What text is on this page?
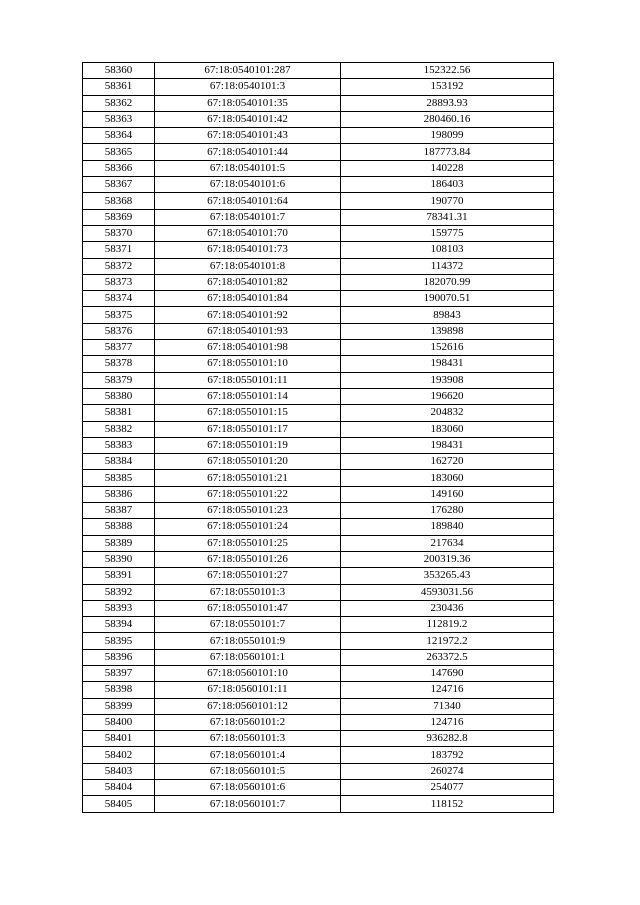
58360	67:18:0540101:287	152322.56
58361	67:18:0540101:3	153192
58362	67:18:0540101:35	28893.93
58363	67:18:0540101:42	280460.16
58364	67:18:0540101:43	198099
58365	67:18:0540101:44	187773.84
58366	67:18:0540101:5	140228
58367	67:18:0540101:6	186403
58368	67:18:0540101:64	190770
58369	67:18:0540101:7	78341.31
58370	67:18:0540101:70	159775
58371	67:18:0540101:73	108103
58372	67:18:0540101:8	114372
58373	67:18:0540101:82	182070.99
58374	67:18:0540101:84	190070.51
58375	67:18:0540101:92	89843
58376	67:18:0540101:93	139898
58377	67:18:0540101:98	152616
58378	67:18:0550101:10	198431
58379	67:18:0550101:11	193908
58380	67:18:0550101:14	196620
58381	67:18:0550101:15	204832
58382	67:18:0550101:17	183060
58383	67:18:0550101:19	198431
58384	67:18:0550101:20	162720
58385	67:18:0550101:21	183060
58386	67:18:0550101:22	149160
58387	67:18:0550101:23	176280
58388	67:18:0550101:24	189840
58389	67:18:0550101:25	217634
58390	67:18:0550101:26	200319.36
58391	67:18:0550101:27	353265.43
58392	67:18:0550101:3	4593031.56
58393	67:18:0550101:47	230436
58394	67:18:0550101:7	112819.2
58395	67:18:0550101:9	121972.2
58396	67:18:0560101:1	263372.5
58397	67:18:0560101:10	147690
58398	67:18:0560101:11	124716
58399	67:18:0560101:12	71340
58400	67:18:0560101:2	124716
58401	67:18:0560101:3	936282.8
58402	67:18:0560101:4	183792
58403	67:18:0560101:5	260274
58404	67:18:0560101:6	254077
58405	67:18:0560101:7	118152
